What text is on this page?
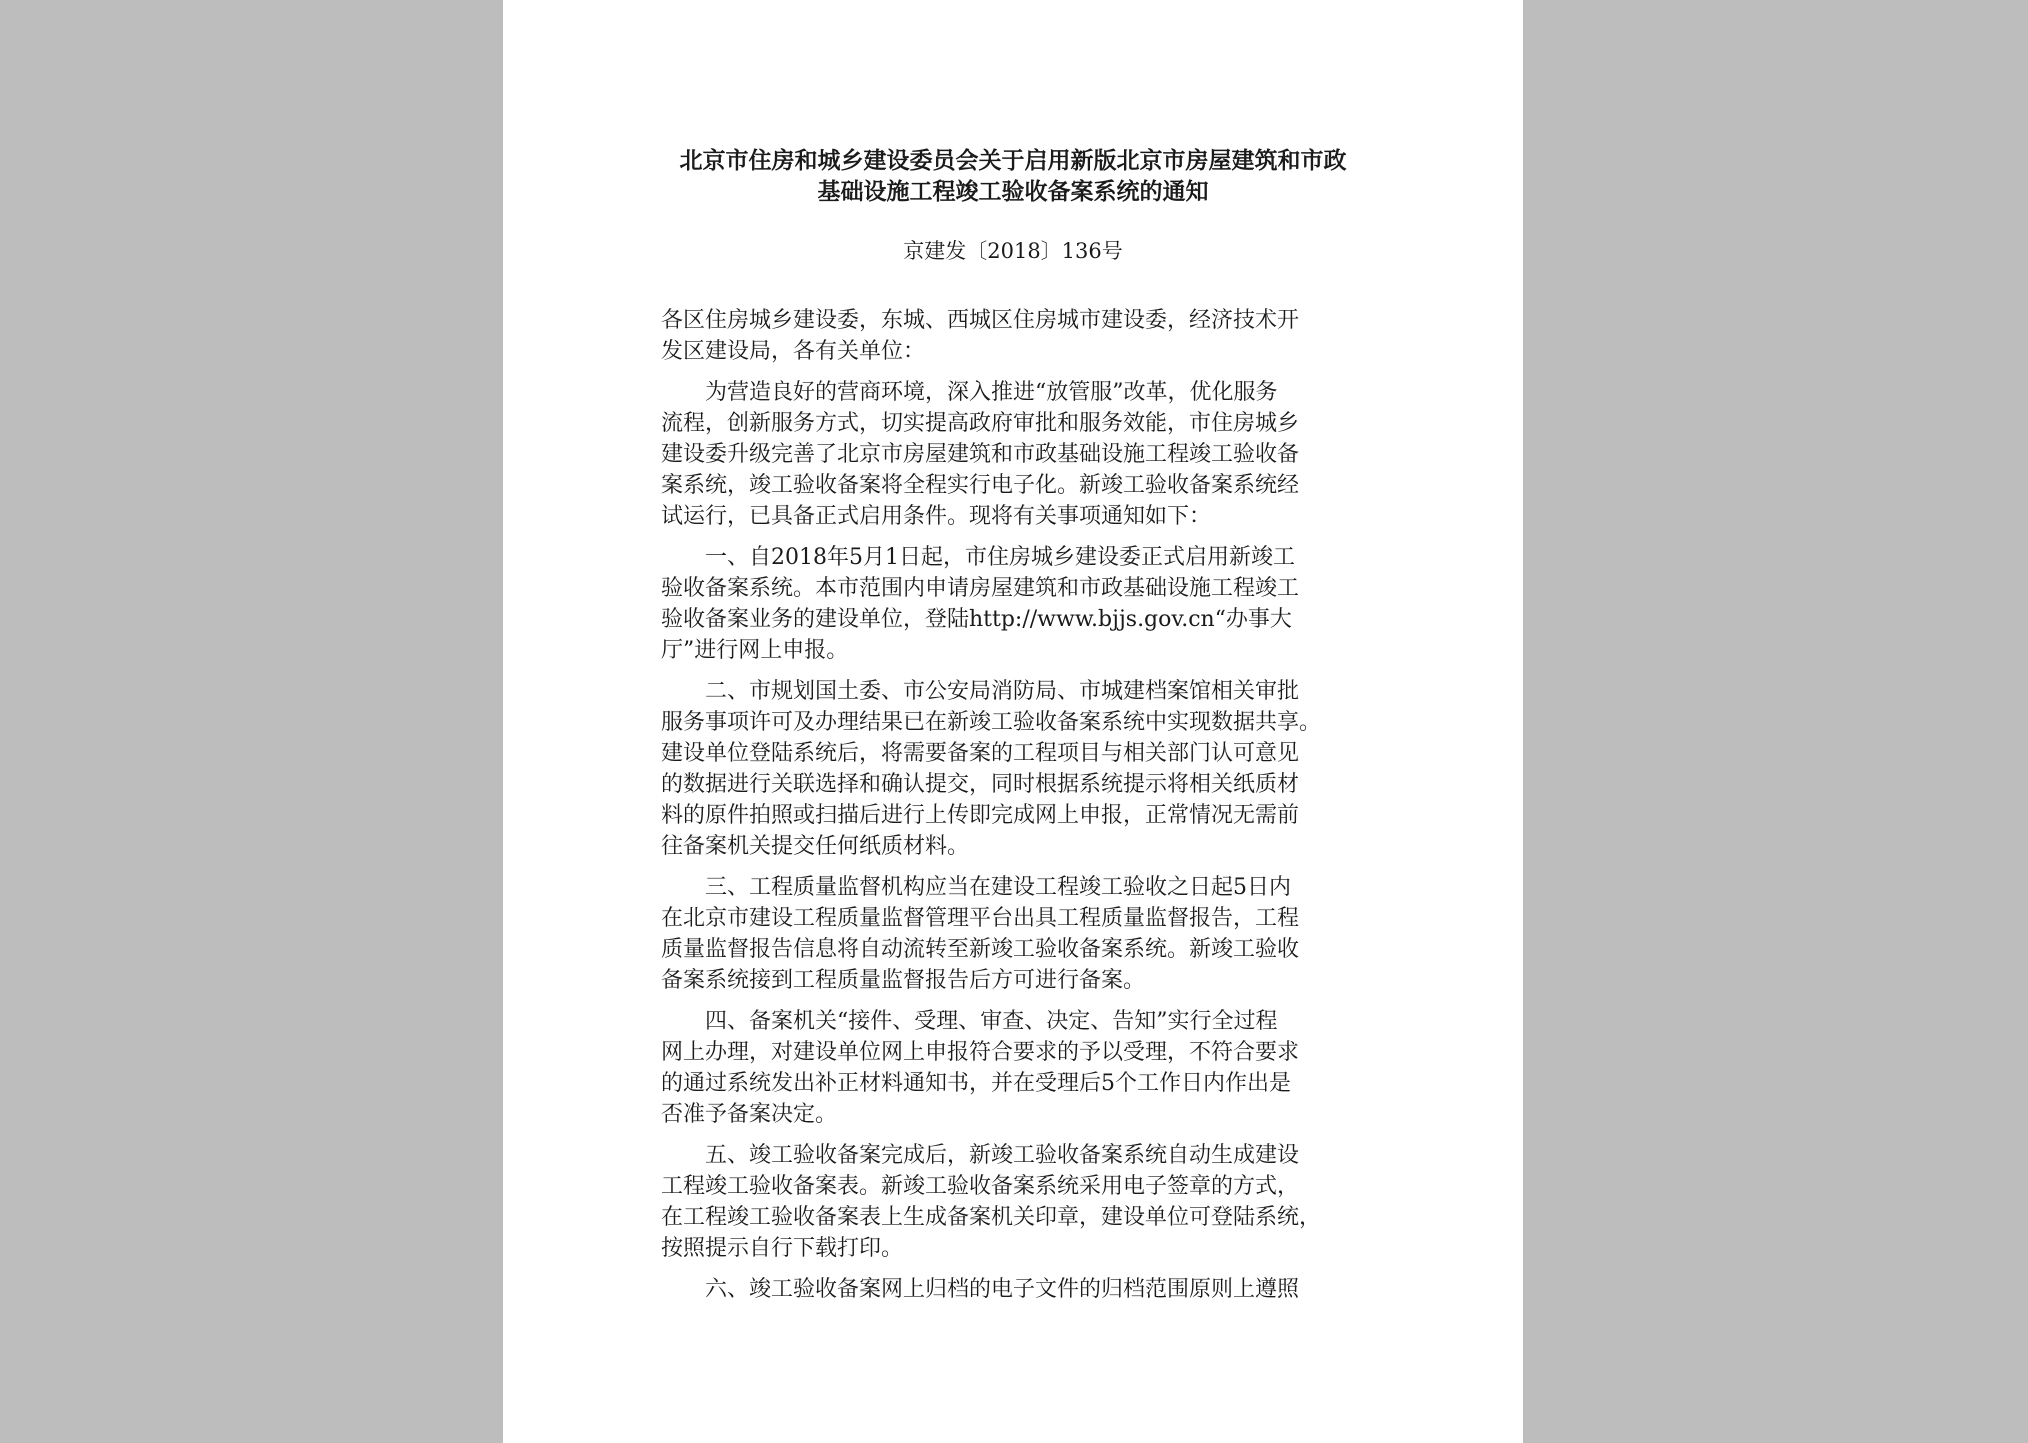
北京市住房和城乡建设委员会关于启用新版北京市房屋建筑和市政
基础设施工程竣工验收备案系统的通知
京建发〔2018〕136号
各区住房城乡建设委，东城、西城区住房城市建设委，经济技术开
发区建设局，各有关单位：
　　为营造良好的营商环境，深入推进“放管服”改革，优化服务
流程，创新服务方式，切实提高政府审批和服务效能，市住房城乡
建设委升级完善了北京市房屋建筑和市政基础设施工程竣工验收备
案系统，竣工验收备案将全程实行电子化。新竣工验收备案系统经
试运行，已具备正式启用条件。现将有关事项通知如下：
　　一、自2018年5月1日起，市住房城乡建设委正式启用新竣工
验收备案系统。本市范围内申请房屋建筑和市政基础设施工程竣工
验收备案业务的建设单位，登陆http://www.bjjs.gov.cn“办事大
厅”进行网上申报。
　　二、市规划国土委、市公安局消防局、市城建档案馆相关审批
服务事项许可及办理结果已在新竣工验收备案系统中实现数据共享。
建设单位登陆系统后，将需要备案的工程项目与相关部门认可意见
的数据进行关联选择和确认提交，同时根据系统提示将相关纸质材
料的原件拍照或扫描后进行上传即完成网上申报，正常情况无需前
往备案机关提交任何纸质材料。
　　三、工程质量监督机构应当在建设工程竣工验收之日起5日内
在北京市建设工程质量监督管理平台出具工程质量监督报告，工程
质量监督报告信息将自动流转至新竣工验收备案系统。新竣工验收
备案系统接到工程质量监督报告后方可进行备案。
　　四、备案机关“接件、受理、审查、决定、告知”实行全过程
网上办理，对建设单位网上申报符合要求的予以受理，不符合要求
的通过系统发出补正材料通知书，并在受理后5个工作日内作出是
否准予备案决定。
　　五、竣工验收备案完成后，新竣工验收备案系统自动生成建设
工程竣工验收备案表。新竣工验收备案系统采用电子签章的方式，
在工程竣工验收备案表上生成备案机关印章，建设单位可登陆系统，
按照提示自行下载打印。
　　六、竣工验收备案网上归档的电子文件的归档范围原则上遵照
